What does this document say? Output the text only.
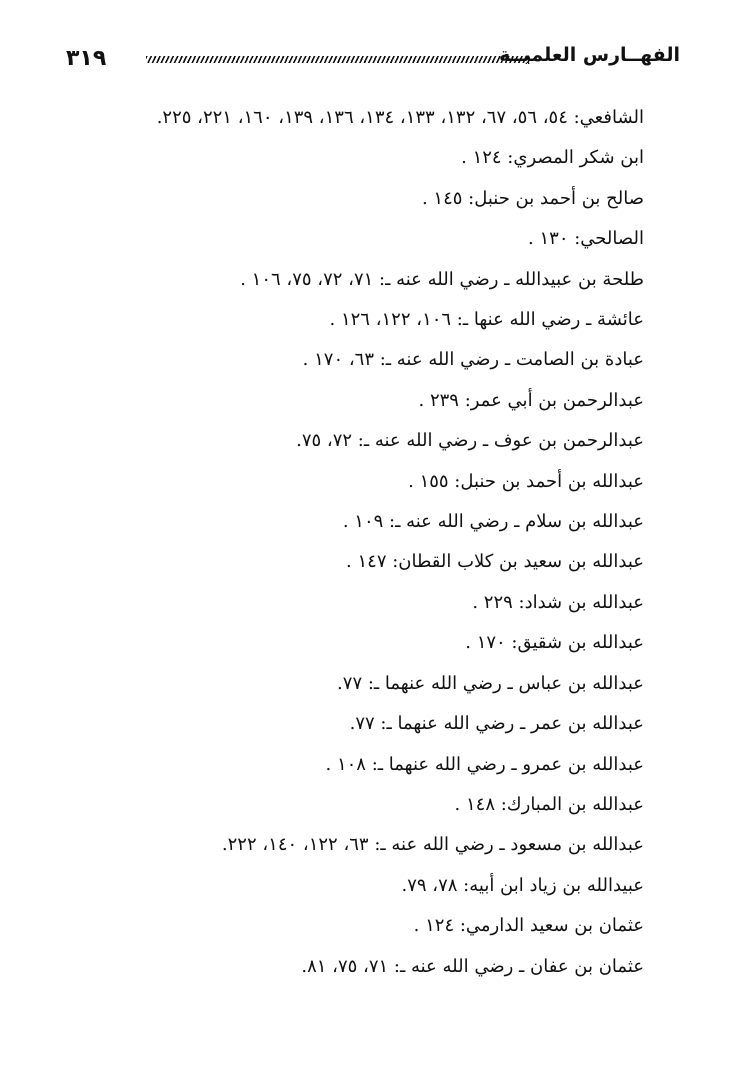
٣١٩	الفهــارس العلميــة
الشافعي: ٥٤، ٥٦، ٦٧، ١٣٢، ١٣٣، ١٣٤، ١٣٦، ١٣٩، ١٦٠، ٢٢١، ٢٢٥.
ابن شكر المصري: ١٢٤ .
صالح بن أحمد بن حنبل: ١٤٥ .
الصالحي: ١٣٠ .
طلحة بن عبيدالله ـ رضي الله عنه ـ: ٧١، ٧٢، ٧٥، ١٠٦ .
عائشة ـ رضي الله عنها ـ: ١٠٦، ١٢٢، ١٢٦ .
عبادة بن الصامت ـ رضي الله عنه ـ: ٦٣، ١٧٠ .
عبدالرحمن بن أبي عمر: ٢٣٩ .
عبدالرحمن بن عوف ـ رضي الله عنه ـ: ٧٢، ٧٥.
عبدالله بن أحمد بن حنبل: ١٥٥ .
عبدالله بن سلام ـ رضي الله عنه ـ: ١٠٩ .
عبدالله بن سعيد بن كلاب القطان: ١٤٧ .
عبدالله بن شداد: ٢٢٩ .
عبدالله بن شقيق: ١٧٠ .
عبدالله بن عباس ـ رضي الله عنهما ـ: ٧٧.
عبدالله بن عمر ـ رضي الله عنهما ـ: ٧٧.
عبدالله بن عمرو ـ رضي الله عنهما ـ: ١٠٨ .
عبدالله بن المبارك: ١٤٨ .
عبدالله بن مسعود ـ رضي الله عنه ـ: ٦٣، ١٢٢، ١٤٠، ٢٢٢.
عبيدالله بن زياد ابن أبيه: ٧٨، ٧٩.
عثمان بن سعيد الدارمي: ١٢٤ .
عثمان بن عفان ـ رضي الله عنه ـ: ٧١، ٧٥، ٨١.
